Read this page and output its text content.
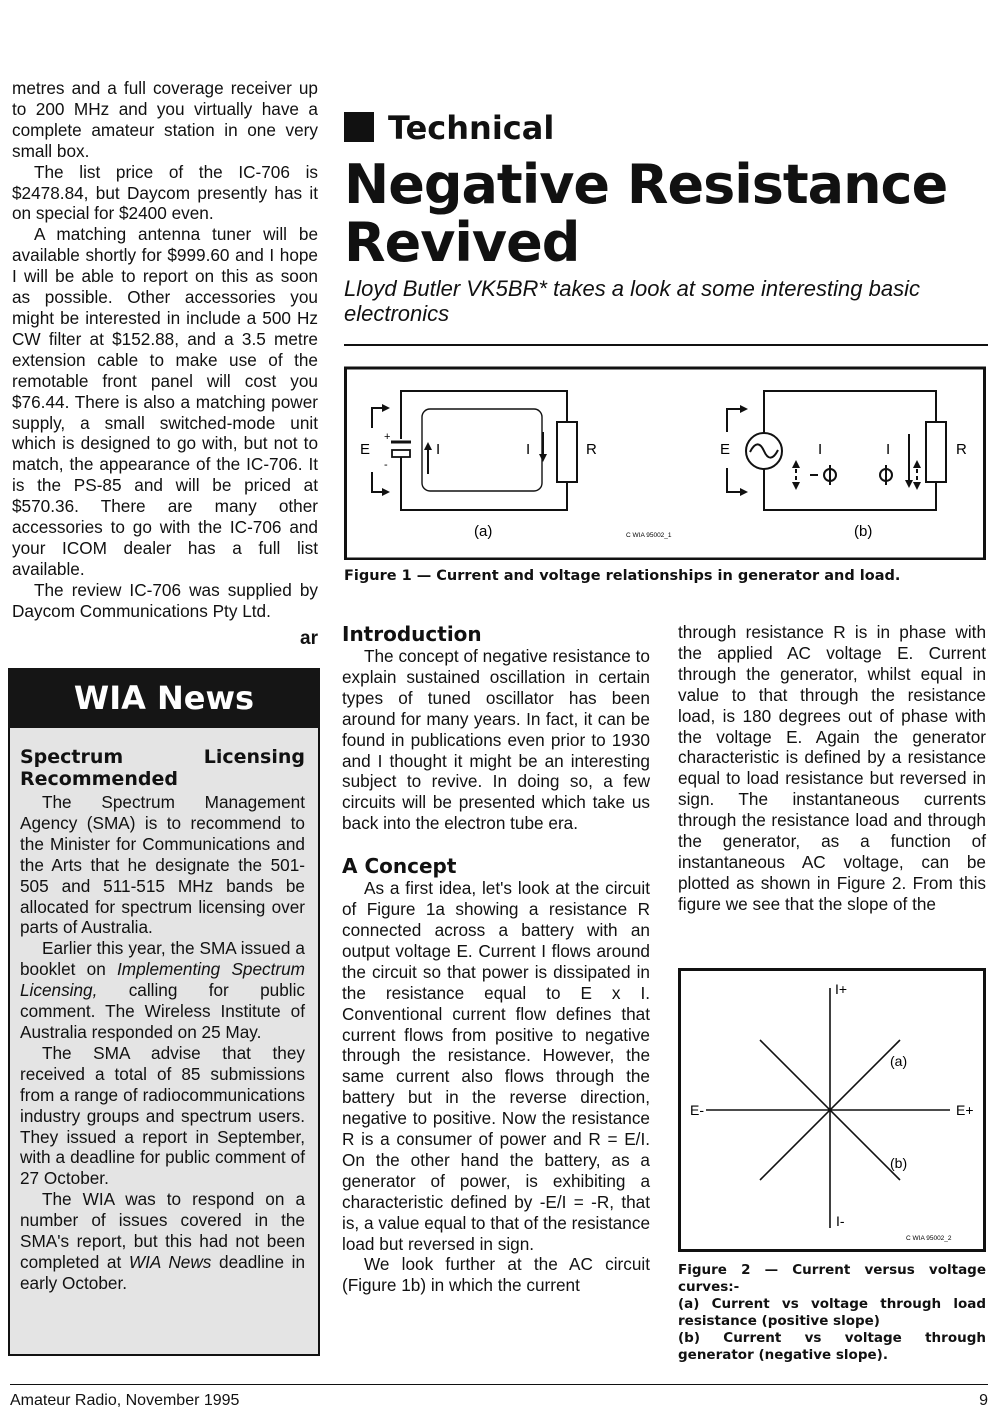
metres and a full coverage receiver up to 200 MHz and you virtually have a complete amateur station in one very small box.

The list price of the IC-706 is $2478.84, but Daycom presently has it on special for $2400 even.

A matching antenna tuner will be available shortly for $999.60 and I hope I will be able to report on this as soon as possible. Other accessories you might be interested in include a 500 Hz CW filter at $152.88, and a 3.5 metre extension cable to make use of the remotable front panel will cost you $76.44. There is also a matching power supply, a small switched-mode unit which is designed to go with, but not to match, the appearance of the IC-706. It is the PS-85 and will be priced at $570.36. There are many other accessories to go with the IC-706 and your ICOM dealer has a full list available.

The review IC-706 was supplied by Daycom Communications Pty Ltd.

ar
WIA News

Spectrum Licensing Recommended

The Spectrum Management Agency (SMA) is to recommend to the Minister for Communications and the Arts that he designate the 501-505 and 511-515 MHz bands be allocated for spectrum licensing over parts of Australia.

Earlier this year, the SMA issued a booklet on Implementing Spectrum Licensing, calling for public comment. The Wireless Institute of Australia responded on 25 May.

The SMA advise that they received a total of 85 submissions from a range of radiocommunications industry groups and spectrum users. They issued a report in September, with a deadline for public comment of 27 October.

The WIA was to respond on a number of issues covered in the SMA's report, but this had not been completed at WIA News deadline in early October.

Technical
Negative Resistance Revived
Lloyd Butler VK5BR* takes a look at some interesting basic electronics
E
+
-
I	I	R
(a)	C WIA 95002_1
E	I	I	R
(b)
Figure 1 — Current and voltage relationships in generator and load.

Introduction

The concept of negative resistance to explain sustained oscillation in certain types of tuned oscillator has been around for many years. In fact, it can be found in publications even prior to 1930 and I thought it might be an interesting subject to revive. In doing so, a few circuits will be presented which take us back into the electron tube era.

A Concept

As a first idea, let's look at the circuit of Figure 1a showing a resistance R connected across a battery with an output voltage E. Current I flows around the circuit so that power is dissipated in the resistance equal to E x I. Conventional current flow defines that current flows from positive to negative through the resistance. However, the same current also flows through the battery but in the reverse direction, negative to positive. Now the resistance R is a consumer of power and R = E/I. On the other hand the battery, as a generator of power, is exhibiting a characteristic defined by -E/I = -R, that is, a value equal to that of the resistance load but reversed in sign.

We look further at the AC circuit (Figure 1b) in which the current

through resistance R is in phase with the applied AC voltage E. Current through the generator, whilst equal in value to that through the resistance load, is 180 degrees out of phase with the voltage E. Again the generator characteristic is defined by a resistance equal to load resistance but reversed in sign. The instantaneous currents through the resistance load and through the generator, as a function of instantaneous AC voltage, can be plotted as shown in Figure 2. From this figure we see that the slope of the

I+
I-
E-	E+
(a)
(b)
C WIA 95002_2
Figure 2 — Current versus voltage curves:-
(a) Current vs voltage through load resistance (positive slope)
(b) Current vs voltage through generator (negative slope).
Amateur Radio, November 1995	9
